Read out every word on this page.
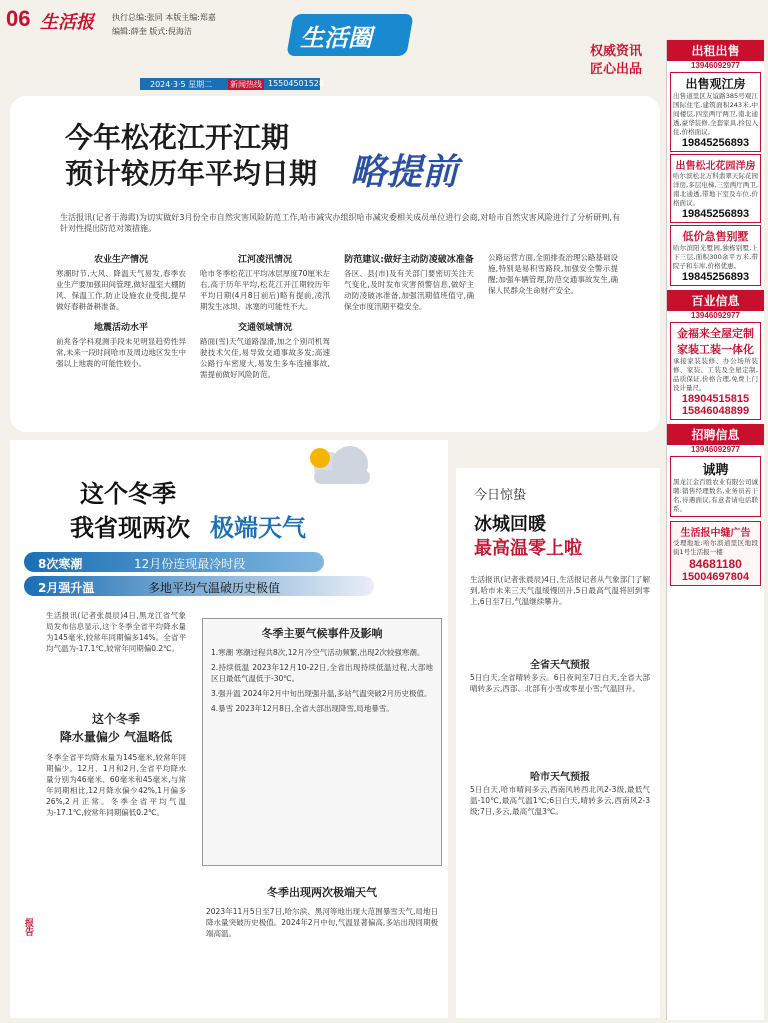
06 生活报 执行总编:张同 本版主编:郑嘉
编辑:薛奎 版式:倪海洁	生活圈	权威资讯
匠心出品
2024·3·5 星期二 新闻热线 15504501528
今年松花江开江期
预计较历年平均日期 略提前
生活报讯(记者于海霞)为切实做好3月份全市自然灾害风险防范工作,哈市减灾办组织哈市减灾委相关成员单位进行会商,对哈市自然灾害风险进行了分析研判,有针对性提出防范对策措施。
农业生产情况
寒潮时节,大风、降温天气易发,春季农业生产要加强田间管理,做好温室大棚防风、保温工作,防止设施农业受损,提早做好春耕备耕准备。
地震活动水平
前兆各学科观测手段未见明显趋势性异常,未来一段时间哈市及周边地区发生中强以上地震的可能性较小。
江河凌汛情况
哈市冬季松花江平均冰层厚度70厘米左右,高于历年平均,松花江开江期较历年平均日期(4月8日前后)略有提前,凌汛期发生冰坝、冰塞的可能性不大。
交通领域情况
路面(雪)天气道路湿滑,加之个别司机驾驶技术欠佳,易导致交通事故多发;高速公路行车密度大,易发生多车连撞事故,需提前做好风险防范。
防范建议:做好主动防凌破冰准备
各区、县(市)及有关部门要密切关注天气变化,及时发布灾害预警信息,做好主动防凌破冰准备,加强汛期值班值守,确保全市度汛期平稳安全。
公路运营方面,全面排查治理公路基础设施,特别是易积雪路段,加强安全警示提醒;加强车辆管理,防范交通事故发生,确保人民群众生命财产安全。
这个冬季
我省现两次 极端天气
8次寒潮	12月份连现最冷时段
2月强升温	多地平均气温破历史极值
生活报讯(记者张晨辰)4日,黑龙江省气象局发布信息显示,这个冬季全省平均降水量为145毫米,较常年同期偏多14%。全省平均气温为-17.1℃,较常年同期偏0.2℃。
这个冬季
降水量偏少 气温略低
冬季全省平均降水量为145毫米,较常年同期偏少。12月、1月和2月,全省平均降水量分别为46毫米、60毫米和45毫米,与常年同期相比,12月降水偏少42%,1月偏多26%,2月正常。冬季全省平均气温为-17.1℃,较常年同期偏低0.2℃。
冬季主要气候事件及影响
1.寒潮 寒潮过程共8次,12月冷空气活动频繁,出现2次较强寒潮。
2.持续低温 2023年12月10-22日,全省出现持续低温过程,大部地区日最低气温低于-30℃。
3.强升温 2024年2月中旬出现强升温,多站气温突破2月历史极值。
4.暴雪 2023年12月8日,全省大部出现降雪,局地暴雪。
冬季出现两次极端天气
2023年11月5日至7日,哈尔滨、黑河等地出现大范围暴雪天气,局地日降水量突破历史极值。2024年2月中旬,气温显著偏高,多站出现同期极端高温。
今日惊蛰
冰城回暖
最高温零上啦
生活报讯(记者张晨辰)4日,生活报记者从气象部门了解到,哈市未来三天气温缓慢回升,5日最高气温将回到零上,6日至7日,气温继续攀升。
全省天气预报
5日白天,全省晴转多云。6日夜间至7日白天,全省大部晴转多云,西部、北部有小雪或零星小雪;气温回升。
哈市天气预报
5日白天,哈市晴间多云,西南风转西北风2-3级,最低气温-10℃,最高气温1℃;6日白天,晴转多云,西南风2-3级;7日,多云,最高气温3℃。
报告
出租出售
13946092977
出售观江房
出售道里区友谊路385号观江国际住宅,建筑面积243米,中间楼层,四室两厅两卫,南北通透,豪华装修,全套家具,拎包入住,价格面议。
19845256893
出售松北花园洋房
哈尔滨松北万科翡翠天际花园洋房,多层电梯,三室两厅两卫,南北通透,带地下室及车位,价格面议。
19845256893
低价急售别墅
哈尔滨阳光墅园,独栋别墅,上下三层,面积300余平方米,带院子和车库,价格优惠。
19845256893
百业信息
13946092977
金福来全屋定制 家装工装一体化
承接家装装修、办公场所装修、家装、工装及全屋定制,品质保证,价格合理,免费上门设计量尺。
18904515815
15846048899
招聘信息
13946092977
诚聘
黑龙江金百胜农业有限公司诚聘:销售经理数名,业务员若干名,待遇面议,有意者请电话联系。
生活报中缝广告
受理地址:哈尔滨道里区地段街1号生活报一楼
84681180
15004697804
